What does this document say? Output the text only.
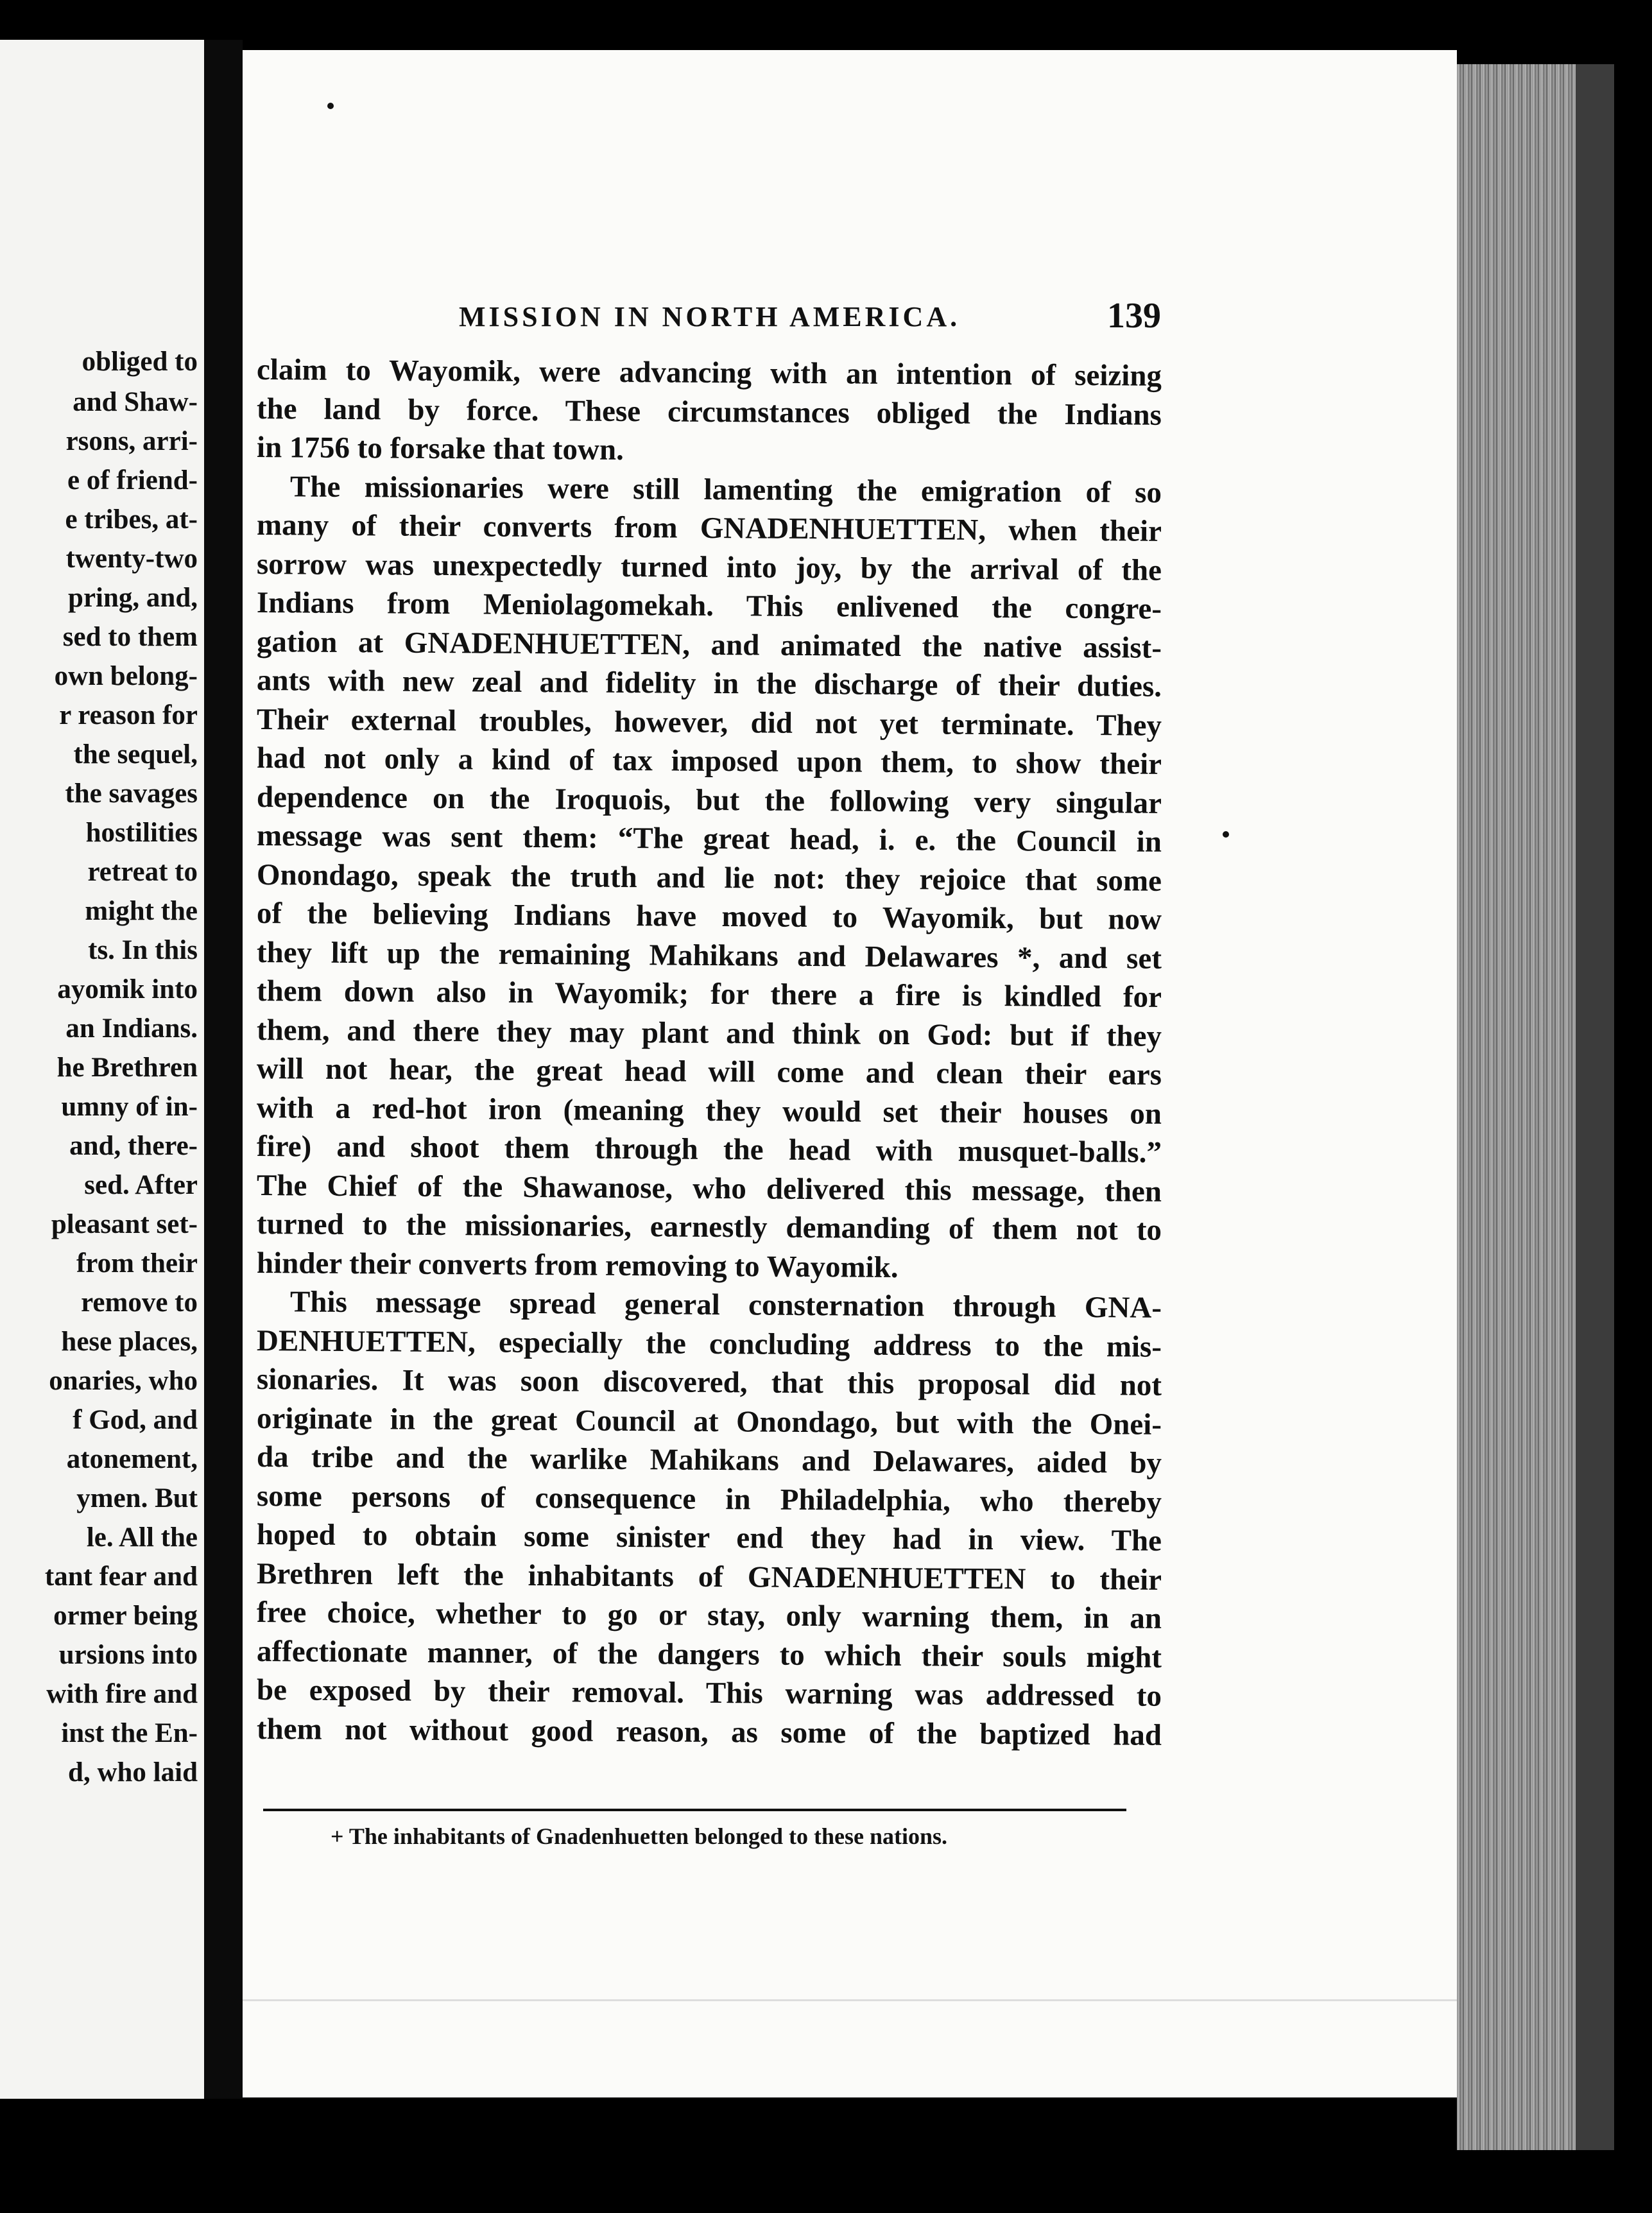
obliged to
and Shaw-
rsons, arri-
e of friend-
e tribes, at-
twenty-two
pring, and,
sed to them
own belong-
r reason for
the sequel,
the savages
hostilities
retreat to
might the
ts. In this
ayomik into
an Indians.
he Brethren
umny of in-
and, there-
sed. After
pleasant set-
from their
remove to
hese places,
onaries, who
f God, and
atonement,
ymen. But
le. All the
tant fear and
ormer being
ursions into
with fire and
inst the En-
d, who laid
MISSION IN NORTH AMERICA.	139
claim to Wayomik, were advancing with an intention of seizing
the land by force. These circumstances obliged the Indians
in 1756 to forsake that town.
The missionaries were still lamenting the emigration of so
many of their converts from GNADENHUETTEN, when their
sorrow was unexpectedly turned into joy, by the arrival of the
Indians from Meniolagomekah. This enlivened the congre-
gation at GNADENHUETTEN, and animated the native assist-
ants with new zeal and fidelity in the discharge of their duties.
Their external troubles, however, did not yet terminate. They
had not only a kind of tax imposed upon them, to show their
dependence on the Iroquois, but the following very singular
message was sent them: “The great head, i. e. the Council in
Onondago, speak the truth and lie not: they rejoice that some
of the believing Indians have moved to Wayomik, but now
they lift up the remaining Mahikans and Delawares *, and set
them down also in Wayomik; for there a fire is kindled for
them, and there they may plant and think on God: but if they
will not hear, the great head will come and clean their ears
with a red-hot iron (meaning they would set their houses on
fire) and shoot them through the head with musquet-balls.”
The Chief of the Shawanose, who delivered this message, then
turned to the missionaries, earnestly demanding of them not to
hinder their converts from removing to Wayomik.
This message spread general consternation through GNA-
DENHUETTEN, especially the concluding address to the mis-
sionaries. It was soon discovered, that this proposal did not
originate in the great Council at Onondago, but with the Onei-
da tribe and the warlike Mahikans and Delawares, aided by
some persons of consequence in Philadelphia, who thereby
hoped to obtain some sinister end they had in view. The
Brethren left the inhabitants of GNADENHUETTEN to their
free choice, whether to go or stay, only warning them, in an
affectionate manner, of the dangers to which their souls might
be exposed by their removal. This warning was addressed to
them not without good reason, as some of the baptized had
+ The inhabitants of Gnadenhuetten belonged to these nations.
